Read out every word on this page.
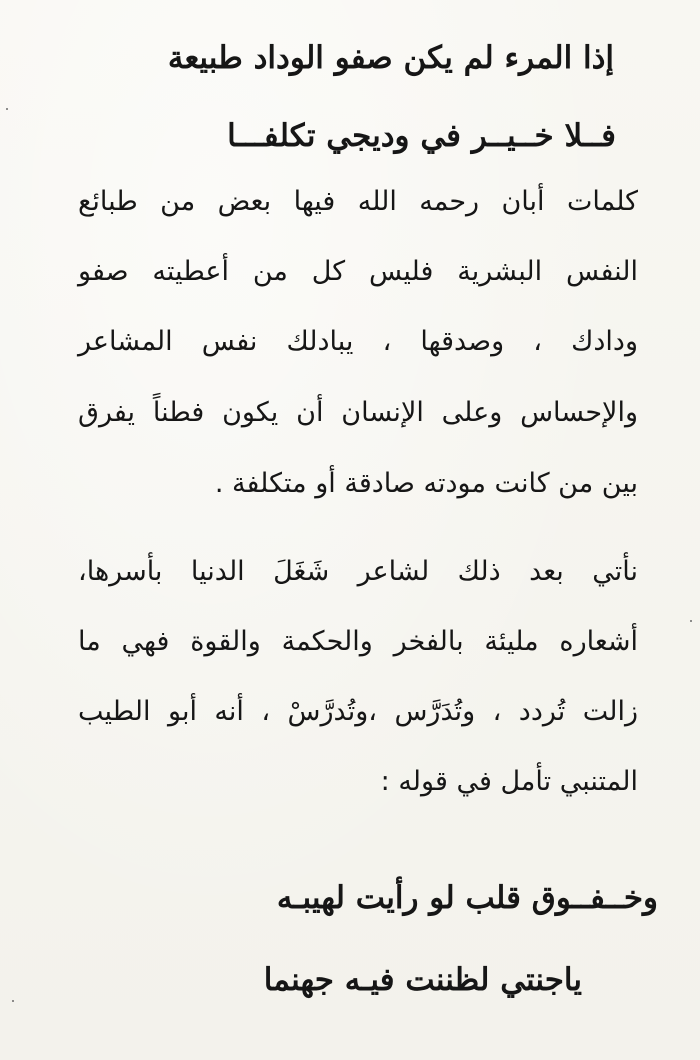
إذا المرء لم يكن صفو الوداد طبيعة

فــلا خــيــر في وديجي تكلفـــا

كلمات أبان رحمه الله فيها بعض من طبائع

النفس البشرية فليس كل من أعطيته صفو

ودادك ، وصدقها ، يبادلك نفس المشاعر

والإحساس وعلى الإنسان أن يكون فطناً يفرق

بين من كانت مودته صادقة أو متكلفة .

نأتي بعد ذلك لشاعر شَغَلَ الدنيا بأسرها،

أشعاره مليئة بالفخر والحكمة والقوة فهي ما

زالت تُردد ، وتُدَرَّس ،وتُدرَّسْ ، أنه أبو الطيب

المتنبي تأمل في قوله :

وخــفــوق قلب لو رأيت لهيبـه

ياجنتي لظننت فيـه جهنما
